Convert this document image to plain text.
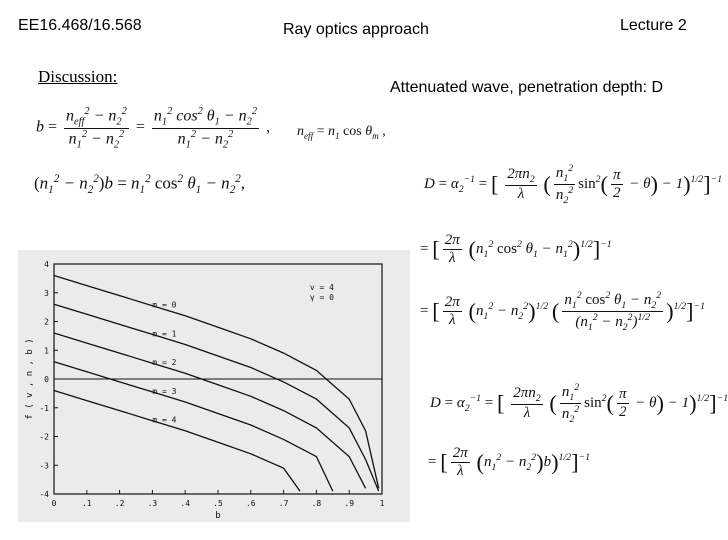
EE16.468/16.568	Ray optics approach	Lecture 2
Discussion:
$b = \frac{n_{eff}^2 - n_2^2}{n_1^2 - n_2^2} = \frac{n_1^2 \cos^2 \theta_1 - n_2^2}{n_1^2 - n_2^2}$ , $n_{eff} = n_1$ $\cos \theta_m$ ,
$(n_1^2 - n_2^2)b = n_1^2$ $\cos^2 \theta_1 - n_2^2$,
0	.1	.2	.3	.4	.5	.6	.7	.8	.9	1
4
3
2
1
0
-1
-2
-3
-4
b
f ( v , n , b )
m = 0
m = 1
m = 2
m = 3
m = 4
v = 4
γ = 0
Attenuated wave, penetration depth: D
$D = \alpha_2^{-1}$ = [ $\frac{2\pi n_2}{\lambda}$ ( $\frac{n_1^2}{n_2^2} \sin^2( \frac{\pi}{2} - \theta) - 1)^{1/2}]^{-1}$
= [ $\frac{2\pi}{\lambda} (n_1^2$ $\cos^2 \theta_1 - n_1^2)^{1/2}]^{-1}$
= [ $\frac{2\pi}{\lambda} (n_1^2 - n_2^2)^{1/2}$ ( $\frac{n_1^2 \cos^2 \theta_1 - n_2^2}{(n_1^2 - n_2^2)^{1/2}} )^{1/2}]^{-1}$
$D = \alpha_2^{-1}$ = [ $\frac{2\pi n_2}{\lambda}$ ( $\frac{n_1^2}{n_2^2} \sin^2( \frac{\pi}{2} - \theta) - 1)^{1/2}]^{-1}$
= [ $\frac{2\pi}{\lambda} (n_1^2 - n_2^2)b)^{1/2}]^{-1}$
